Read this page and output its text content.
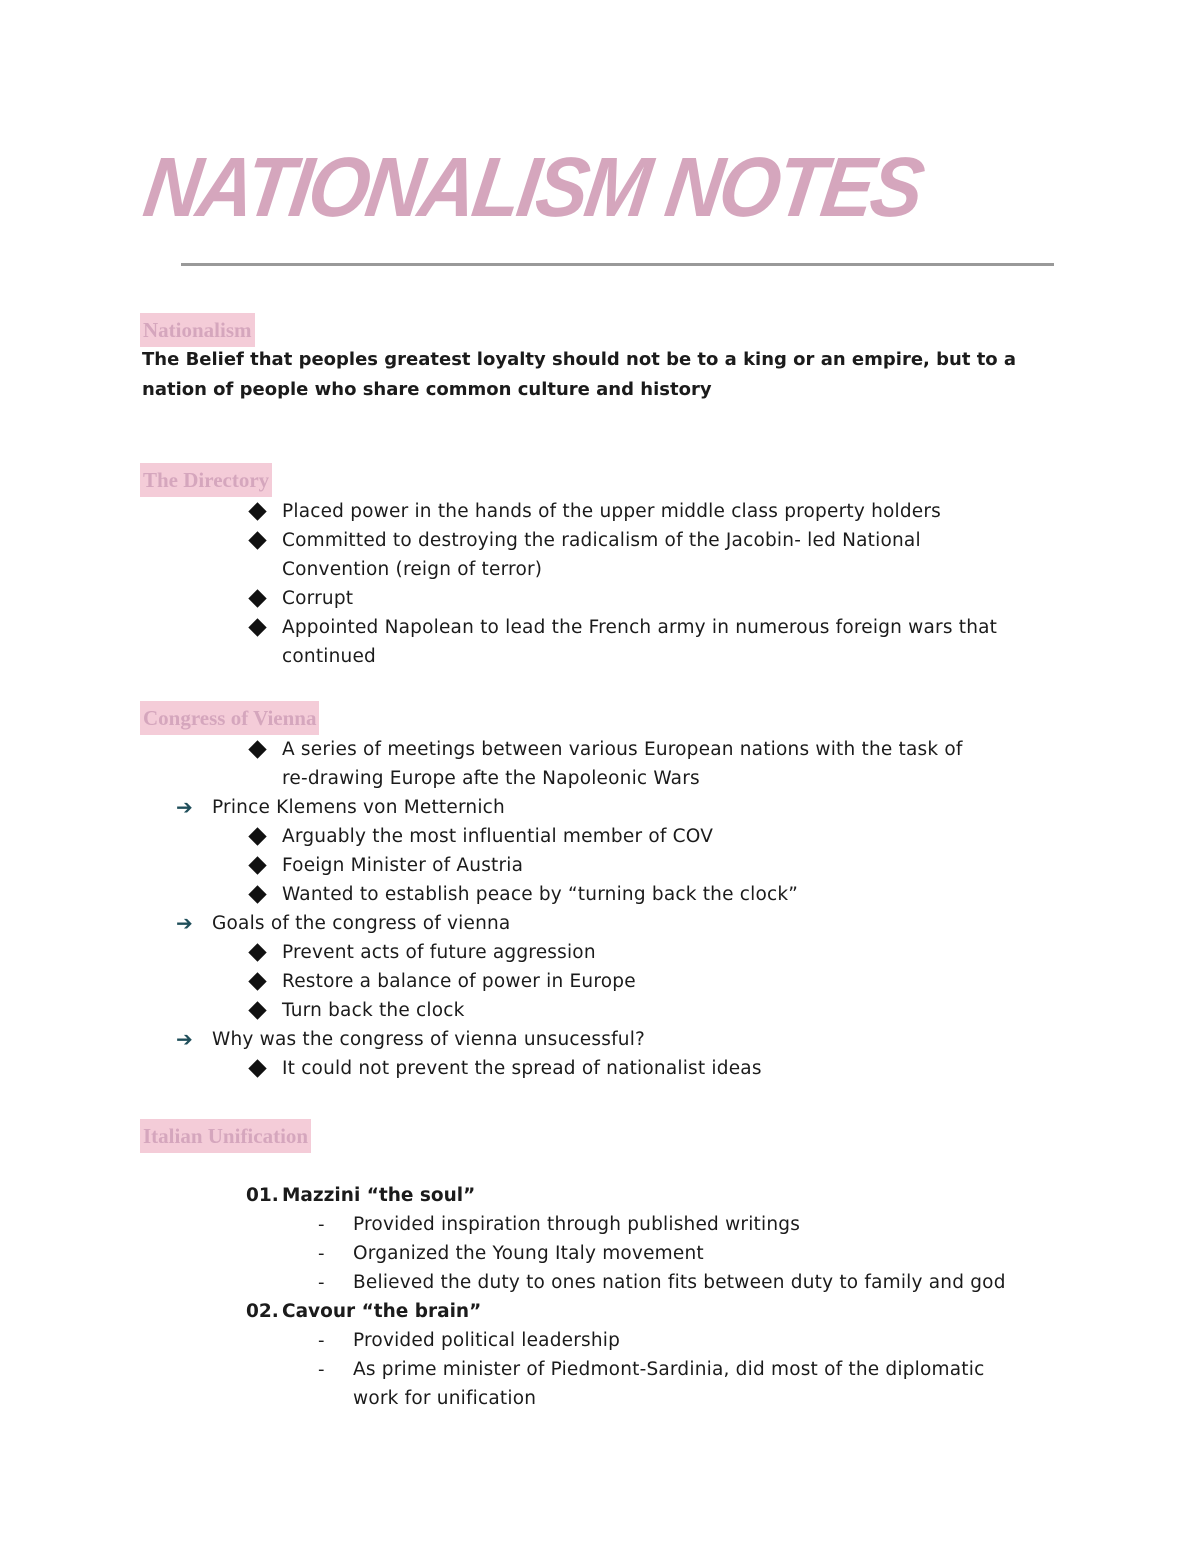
NATIONALISM NOTES
Nationalism
The Belief that peoples greatest loyalty should not be to a king or an empire, but to a
nation of people who share common culture and history
The Directory
Placed power in the hands of the upper middle class property holders
Committed to destroying the radicalism of the Jacobin- led National
Convention (reign of terror)
Corrupt
Appointed Napolean to lead the French army in numerous foreign wars that
continued
Congress of Vienna
A series of meetings between various European nations with the task of
re-drawing Europe afte the Napoleonic Wars
➔ Prince Klemens von Metternich
Arguably the most influential member of COV
Foeign Minister of Austria
Wanted to establish peace by “turning back the clock”
➔ Goals of the congress of vienna
Prevent acts of future aggression
Restore a balance of power in Europe
Turn back the clock
➔ Why was the congress of vienna unsucessful?
It could not prevent the spread of nationalist ideas
Italian Unification
01. Mazzini “the soul”
- Provided inspiration through published writings
- Organized the Young Italy movement
- Believed the duty to ones nation fits between duty to family and god
02. Cavour “the brain”
- Provided political leadership
- As prime minister of Piedmont-Sardinia, did most of the diplomatic
work for unification
